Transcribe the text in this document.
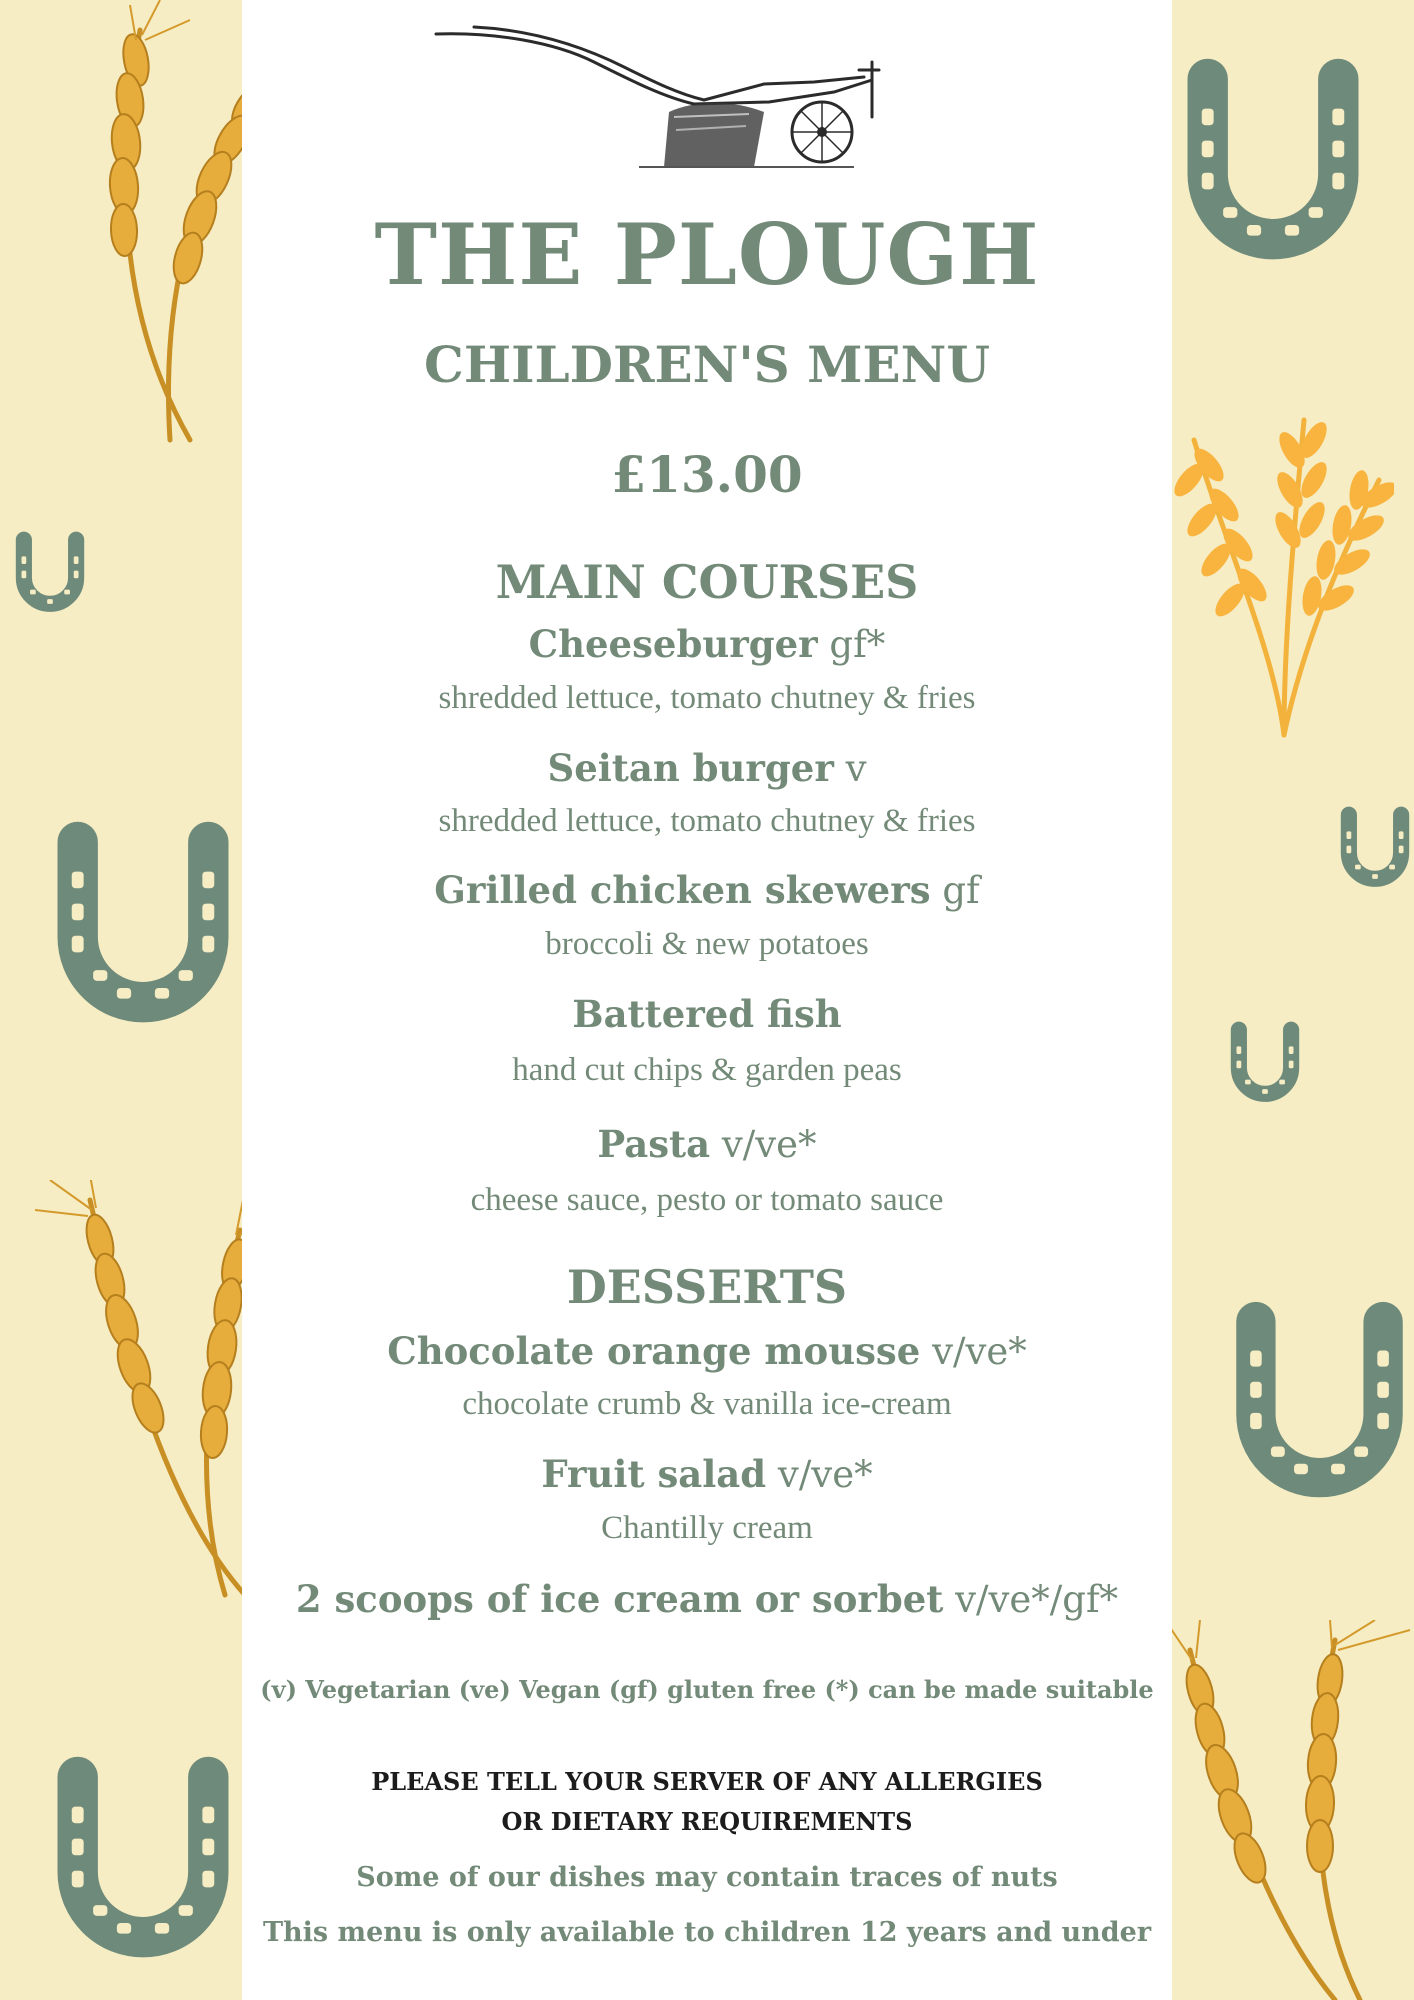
THE PLOUGH
CHILDREN'S MENU
£13.00
MAIN COURSES
Cheeseburger gf*
shredded lettuce, tomato chutney & fries
Seitan burger v
shredded lettuce, tomato chutney & fries
Grilled chicken skewers gf
broccoli & new potatoes
Battered fish
hand cut chips & garden peas
Pasta v/ve*
cheese sauce, pesto or tomato sauce
DESSERTS
Chocolate orange mousse v/ve*
chocolate crumb & vanilla ice-cream
Fruit salad v/ve*
Chantilly cream
2 scoops of ice cream or sorbet v/ve*/gf*
(v) Vegetarian (ve) Vegan (gf) gluten free (*) can be made suitable
PLEASE TELL YOUR SERVER OF ANY ALLERGIES
OR DIETARY REQUIREMENTS
Some of our dishes may contain traces of nuts
This menu is only available to children 12 years and under
